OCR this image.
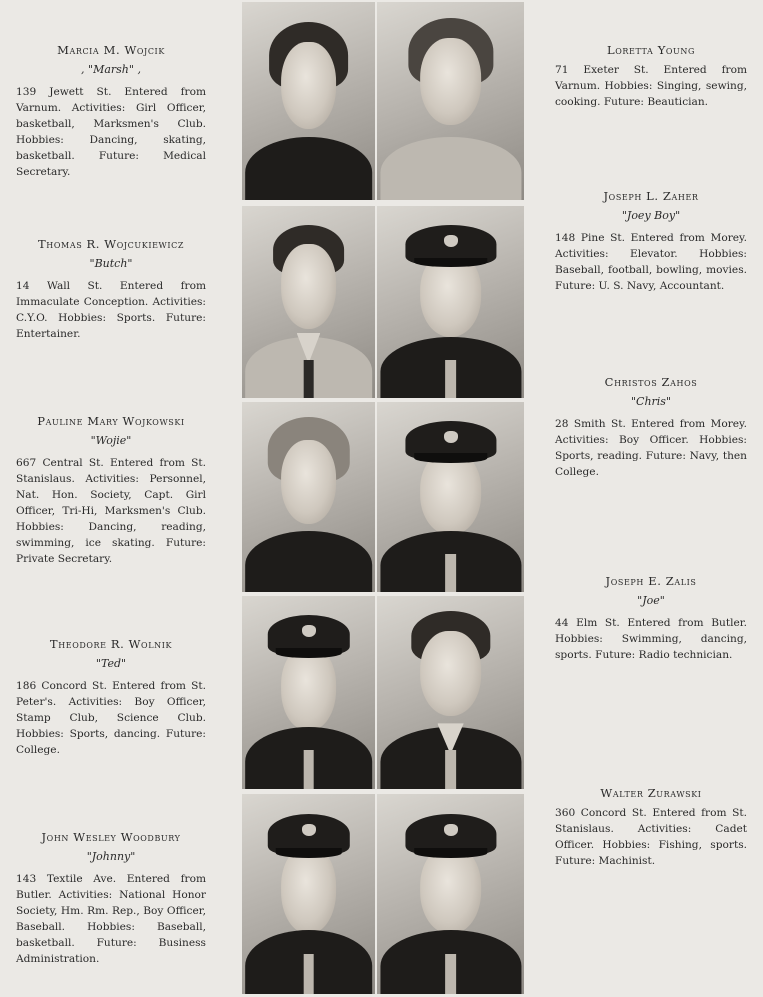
Marcia M. Wojcik
, "Marsh" ,
139 Jewett St. Entered from Varnum. Activities: Girl Officer, basketball, Marksmen's Club. Hobbies: Dancing, skating, basketball. Future: Medical Secretary.
Thomas R. Wojcukiewicz
"Butch"
14 Wall St. Entered from Immaculate Conception. Activities: C.Y.O. Hobbies: Sports. Future: Entertainer.
Pauline Mary Wojkowski
"Wojie"
667 Central St. Entered from St. Stanislaus. Activities: Personnel, Nat. Hon. Society, Capt. Girl Officer, Tri-Hi, Marksmen's Club. Hobbies: Dancing, reading, swimming, ice skating. Future: Private Secretary.
Theodore R. Wolnik
"Ted"
186 Concord St. Entered from St. Peter's. Activities: Boy Officer, Stamp Club, Science Club. Hobbies: Sports, dancing. Future: College.
John Wesley Woodbury
"Johnny"
143 Textile Ave. Entered from Butler. Activities: National Honor Society, Hm. Rm. Rep., Boy Officer, Baseball. Hobbies: Baseball, basketball. Future: Business Administration.
Loretta Young
71 Exeter St. Entered from Varnum. Hobbies: Singing, sewing, cooking. Future: Beautician.
Joseph L. Zaher
"Joey Boy"
148 Pine St. Entered from Morey. Activities: Elevator. Hobbies: Baseball, football, bowling, movies. Future: U. S. Navy, Accountant.
Christos Zahos
"Chris"
28 Smith St. Entered from Morey. Activities: Boy Officer. Hobbies: Sports, reading. Future: Navy, then College.
Joseph E. Zalis
"Joe"
44 Elm St. Entered from Butler. Hobbies: Swimming, dancing, sports. Future: Radio technician.
Walter Zurawski
360 Concord St. Entered from St. Stanislaus. Activities: Cadet Officer. Hobbies: Fishing, sports. Future: Machinist.
